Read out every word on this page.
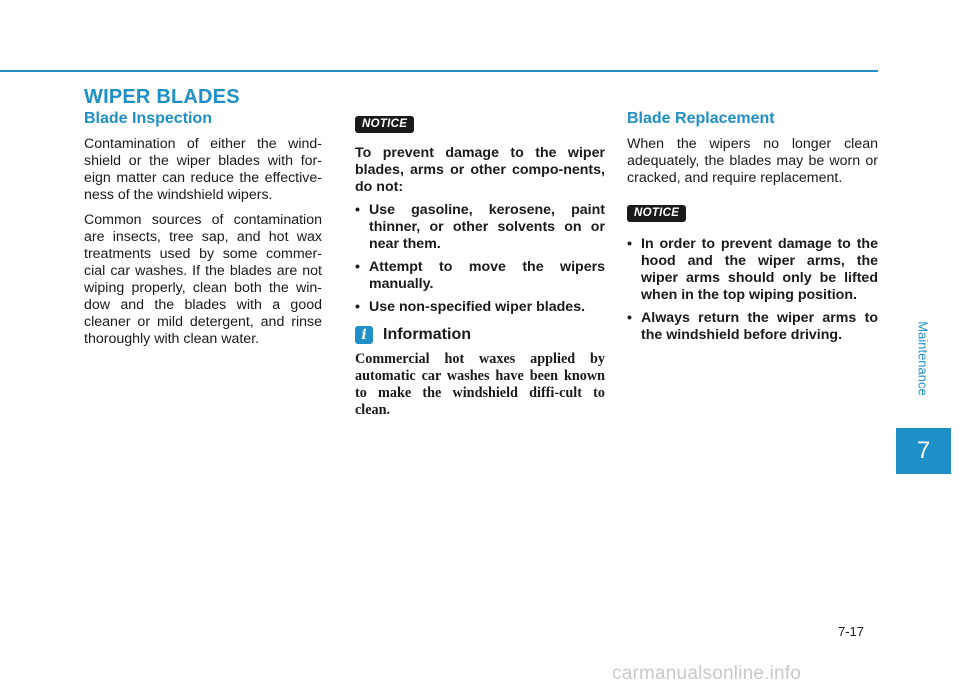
WIPER BLADES
Blade Inspection

Contamination of either the wind-shield or the wiper blades with for-eign matter can reduce the effective-ness of the windshield wipers.

Common sources of contamination are insects, tree sap, and hot wax treatments used by some commer-cial car washes. If the blades are not wiping properly, clean both the win-dow and the blades with a good cleaner or mild detergent, and rinse thoroughly with clean water.

NOTICE

To prevent damage to the wiper blades, arms or other compo-nents, do not:

• Use gasoline, kerosene, paint thinner, or other solvents on or near them.
• Attempt to move the wipers manually.
• Use non-specified wiper blades.
i	Information

Commercial hot waxes applied by automatic car washes have been known to make the windshield diffi-cult to clean.

Blade Replacement

When the wipers no longer clean adequately, the blades may be worn or cracked, and require replacement.

NOTICE
• In order to prevent damage to the hood and the wiper arms, the wiper arms should only be lifted when in the top wiping position.
• Always return the wiper arms to the windshield before driving.	Maintenance
7
7-17
carmanualsonline.info
